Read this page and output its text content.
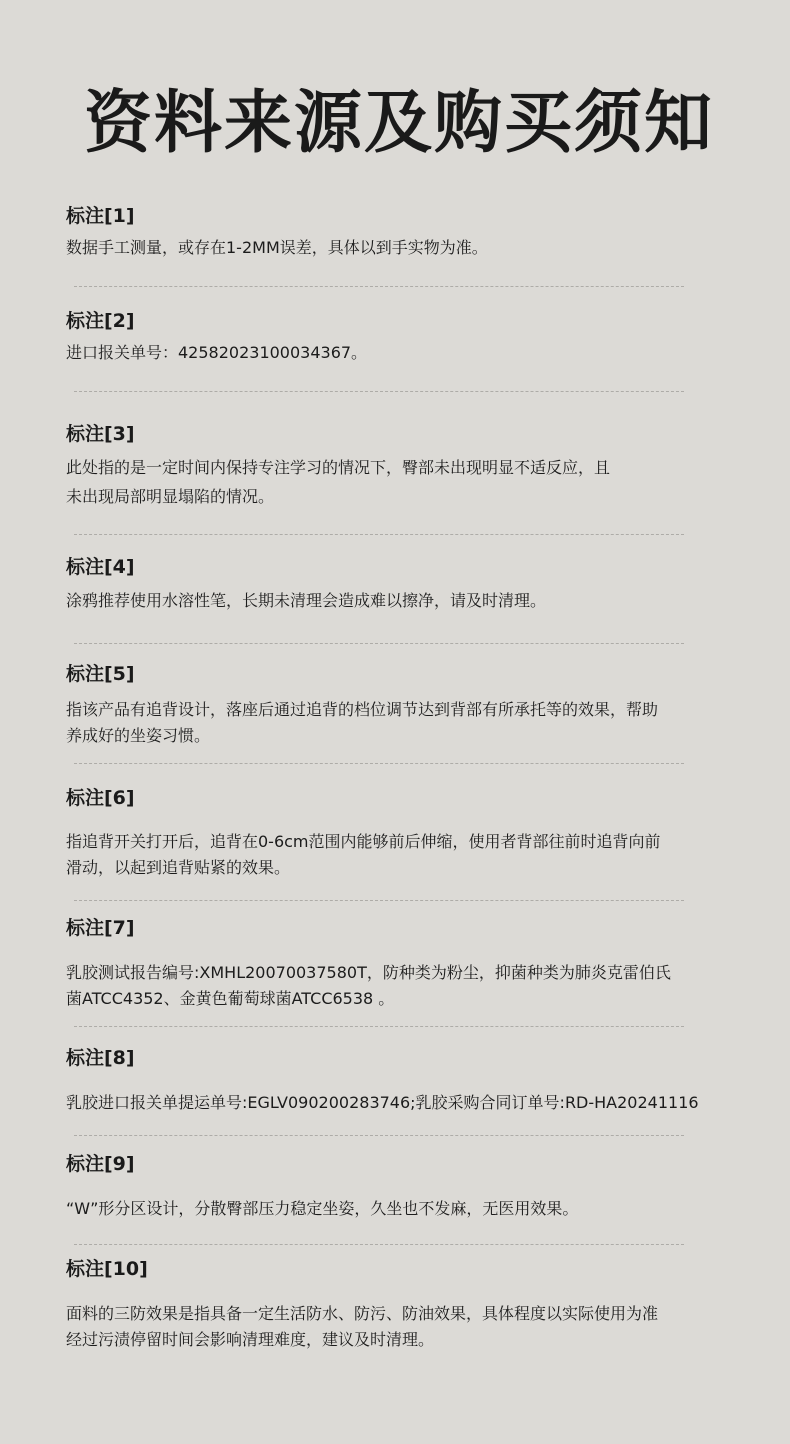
资料来源及购买须知

标注[1]

数据手工测量，或存在1-2MM误差，具体以到手实物为准。

标注[2]

进口报关单号：42582023100034367。

标注[3]

此处指的是一定时间内保持专注学习的情况下，臀部未出现明显不适反应，且
未出现局部明显塌陷的情况。

标注[4]

涂鸦推荐使用水溶性笔，长期未清理会造成难以擦净，请及时清理。

标注[5]

指该产品有追背设计，落座后通过追背的档位调节达到背部有所承托等的效果，帮助
养成好的坐姿习惯。

标注[6]

指追背开关打开后，追背在0-6cm范围内能够前后伸缩，使用者背部往前时追背向前
滑动，以起到追背贴紧的效果。

标注[7]

乳胶测试报告编号:XMHL20070037580T，防种类为粉尘，抑菌种类为肺炎克雷伯氏
菌ATCC4352、金黄色葡萄球菌ATCC6538 。

标注[8]

乳胶进口报关单提运单号:EGLV090200283746;乳胶采购合同订单号:RD-HA20241116

标注[9]

“W”形分区设计，分散臀部压力稳定坐姿，久坐也不发麻，无医用效果。

标注[10]

面料的三防效果是指具备一定生活防水、防污、防油效果，具体程度以实际使用为准
经过污渍停留时间会影响清理难度，建议及时清理。
